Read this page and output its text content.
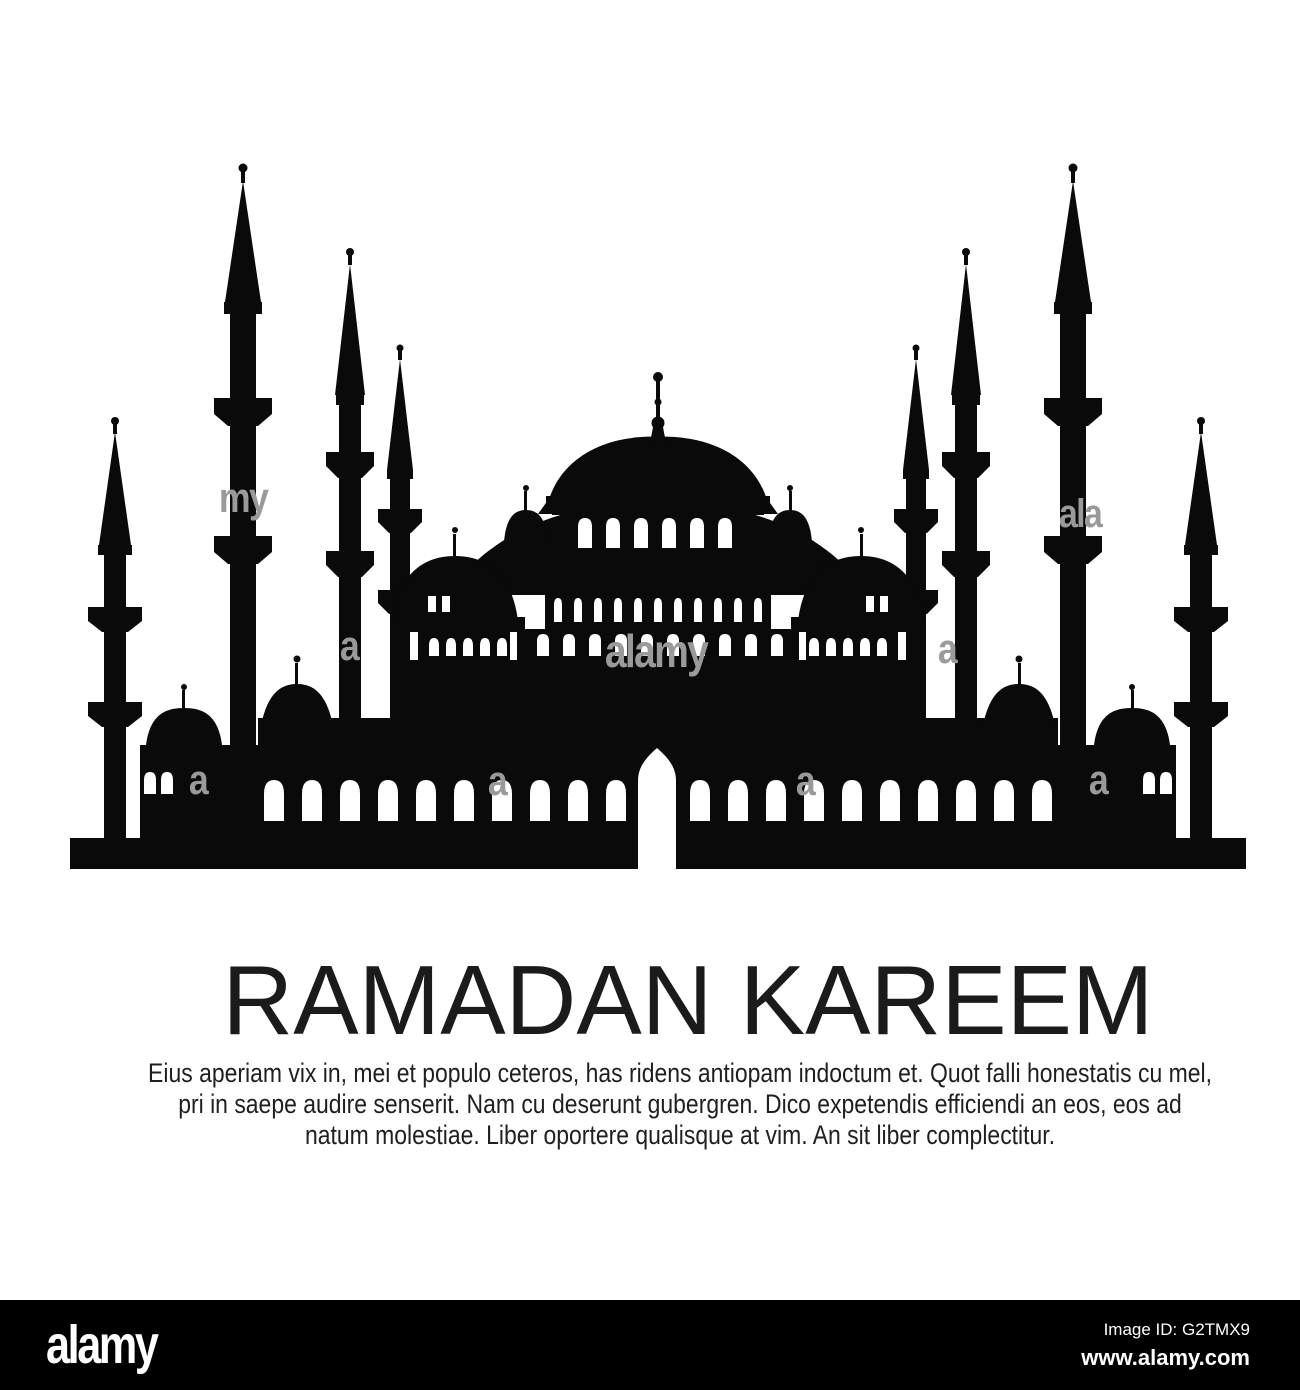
my
alamy
ala
a
a
a	a
a
a
RAMADAN KAREEM
Eius aperiam vix in, mei et populo ceteros, has ridens antiopam indoctum et. Quot falli honestatis cu mel,
pri in saepe audire senserit. Nam cu deserunt gubergren. Dico expetendis efficiendi an eos, eos ad
natum molestiae. Liber oportere qualisque at vim. An sit liber complectitur.
alamy	Image ID: G2TMX9
www.alamy.com
